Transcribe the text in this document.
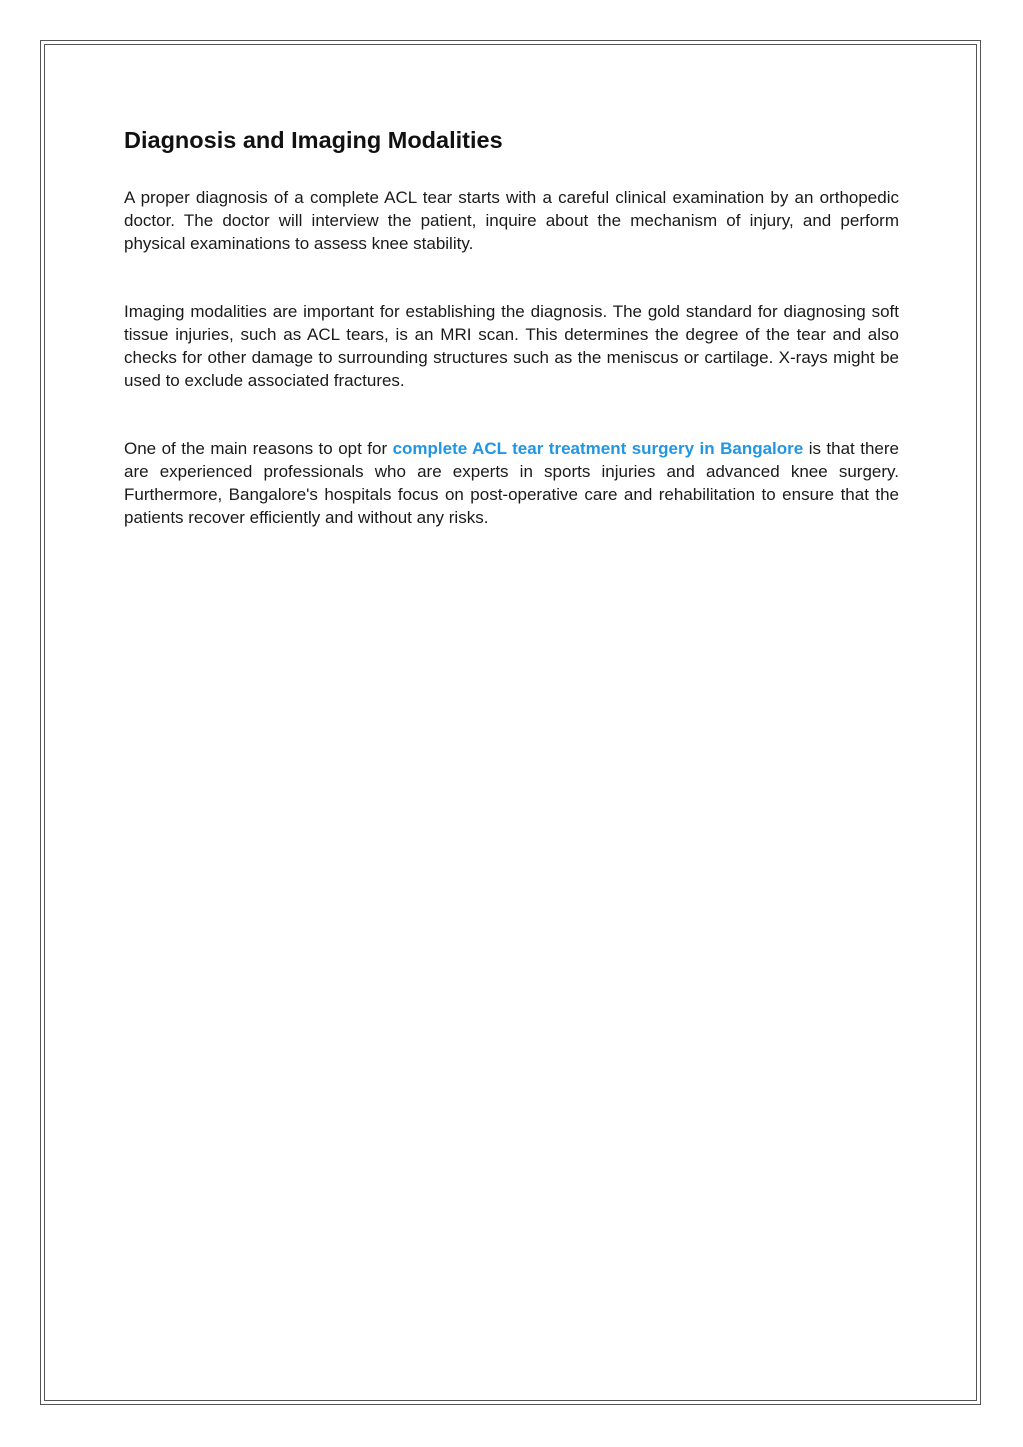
Diagnosis and Imaging Modalities

A proper diagnosis of a complete ACL tear starts with a careful clinical examination by an orthopedic doctor. The doctor will interview the patient, inquire about the mechanism of injury, and perform physical examinations to assess knee stability.

Imaging modalities are important for establishing the diagnosis. The gold standard for diagnosing soft tissue injuries, such as ACL tears, is an MRI scan. This determines the degree of the tear and also checks for other damage to surrounding structures such as the meniscus or cartilage. X-rays might be used to exclude associated fractures.

One of the main reasons to opt for complete ACL tear treatment surgery in Bangalore is that there are experienced professionals who are experts in sports injuries and advanced knee surgery. Furthermore, Bangalore's hospitals focus on post-operative care and rehabilitation to ensure that the patients recover efficiently and without any risks.
